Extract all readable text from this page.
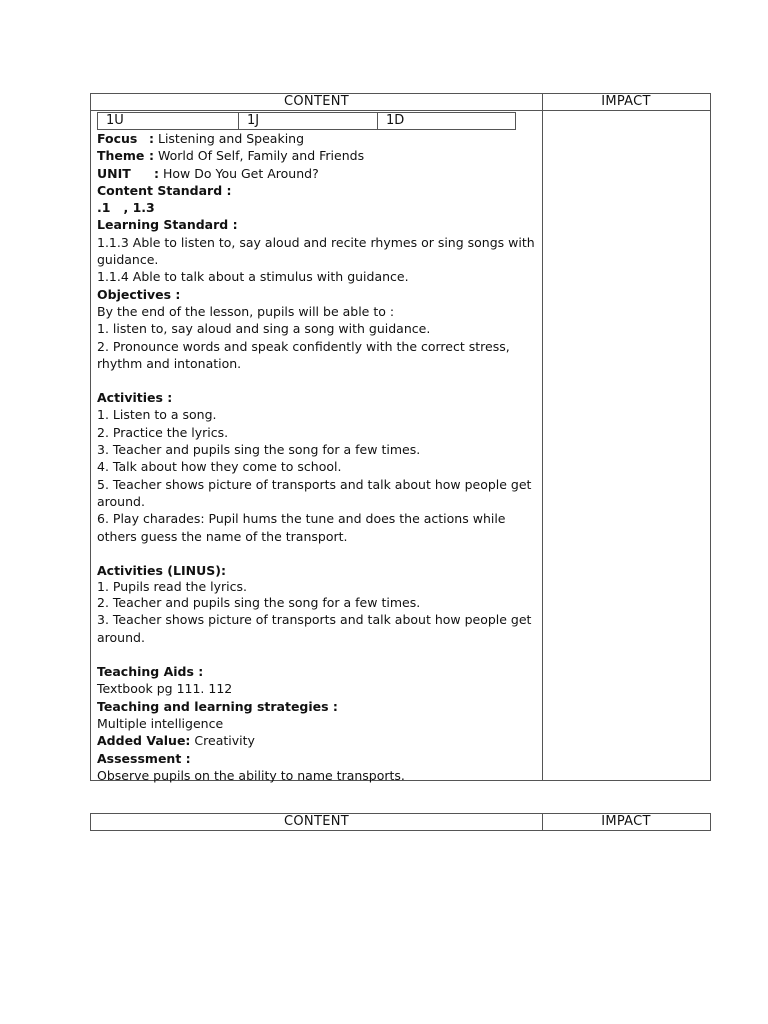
CONTENT	IMPACT
1U	1J	1D
Focus : Listening and Speaking
Theme : World Of Self, Family and Friends
UNIT : How Do You Get Around?
Content Standard :
.1   , 1.3
Learning Standard :
1.1.3 Able to listen to, say aloud and recite rhymes or sing songs with guidance.
1.1.4 Able to talk about a stimulus with guidance.
Objectives :
By the end of the lesson, pupils will be able to :
1. listen to, say aloud and sing a song with guidance.
2. Pronounce words and speak confidently with the correct stress, rhythm and intonation.
Activities :
1. Listen to a song.
2. Practice the lyrics.
3. Teacher and pupils sing the song for a few times.
4. Talk about how they come to school.
5. Teacher shows picture of transports and talk about how people get around.
6. Play charades: Pupil hums the tune and does the actions while others guess the name of the transport.
Activities (LINUS):
1. Pupils read the lyrics.
2. Teacher and pupils sing the song for a few times.
3. Teacher shows picture of transports and talk about how people get around.
Teaching Aids :
Textbook pg 111. 112
Teaching and learning strategies :
Multiple intelligence
Added Value: Creativity
Assessment :
Observe pupils on the ability to name transports.
CONTENT	IMPACT
